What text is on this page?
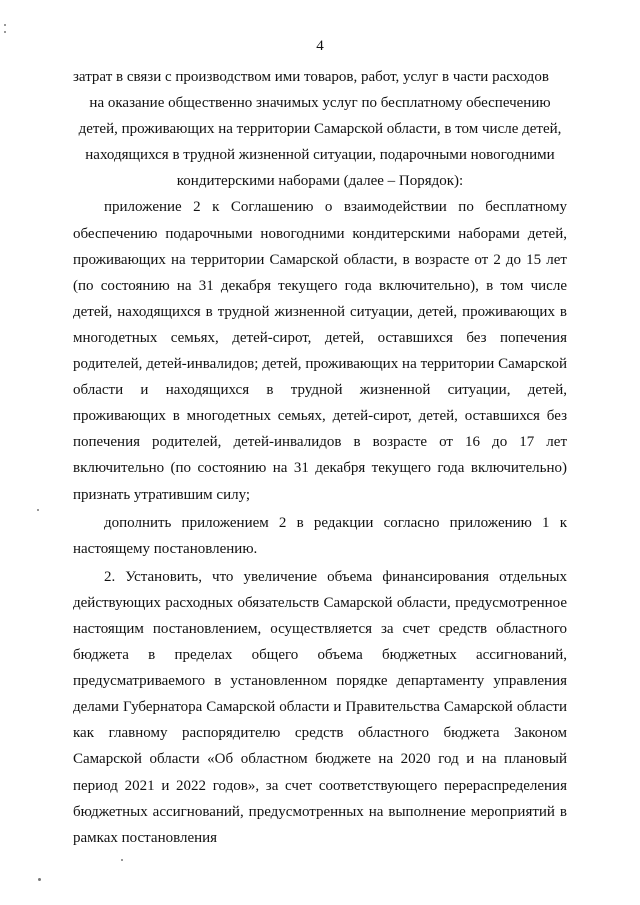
4

затрат в связи с производством ими товаров, работ, услуг в части расходов

на оказание общественно значимых услуг по бесплатному обеспечению детей, проживающих на территории Самарской области, в том числе детей, находящихся в трудной жизненной ситуации, подарочными новогодними кондитерскими наборами (далее – Порядок):

приложение 2 к Соглашению о взаимодействии по бесплатному обеспечению подарочными новогодними кондитерскими наборами детей, проживающих на территории Самарской области, в возрасте от 2 до 15 лет (по состоянию на 31 декабря текущего года включительно), в том числе детей, находящихся в трудной жизненной ситуации, детей, проживающих в многодетных семьях, детей-сирот, детей, оставшихся без попечения родителей, детей-инвалидов; детей, проживающих на территории Самарской области и находящихся в трудной жизненной ситуации, детей, проживающих в многодетных семьях, детей-сирот, детей, оставшихся без попечения родителей, детей-инвалидов в возрасте от 16 до 17 лет включительно (по состоянию на 31 декабря текущего года включительно) признать утратившим силу;

дополнить приложением 2 в редакции согласно приложению 1 к настоящему постановлению.

2. Установить, что увеличение объема финансирования отдельных действующих расходных обязательств Самарской области, предусмотренное настоящим постановлением, осуществляется за счет средств областного бюджета в пределах общего объема бюджетных ассигнований, предусматриваемого в установленном порядке департаменту управления делами Губернатора Самарской области и Правительства Самарской области как главному распорядителю средств областного бюджета Законом Самарской области «Об областном бюджете на 2020 год и на плановый период 2021 и 2022 годов», за счет соответствующего перераспределения бюджетных ассигнований, предусмотренных на выполнение мероприятий в рамках постановления
